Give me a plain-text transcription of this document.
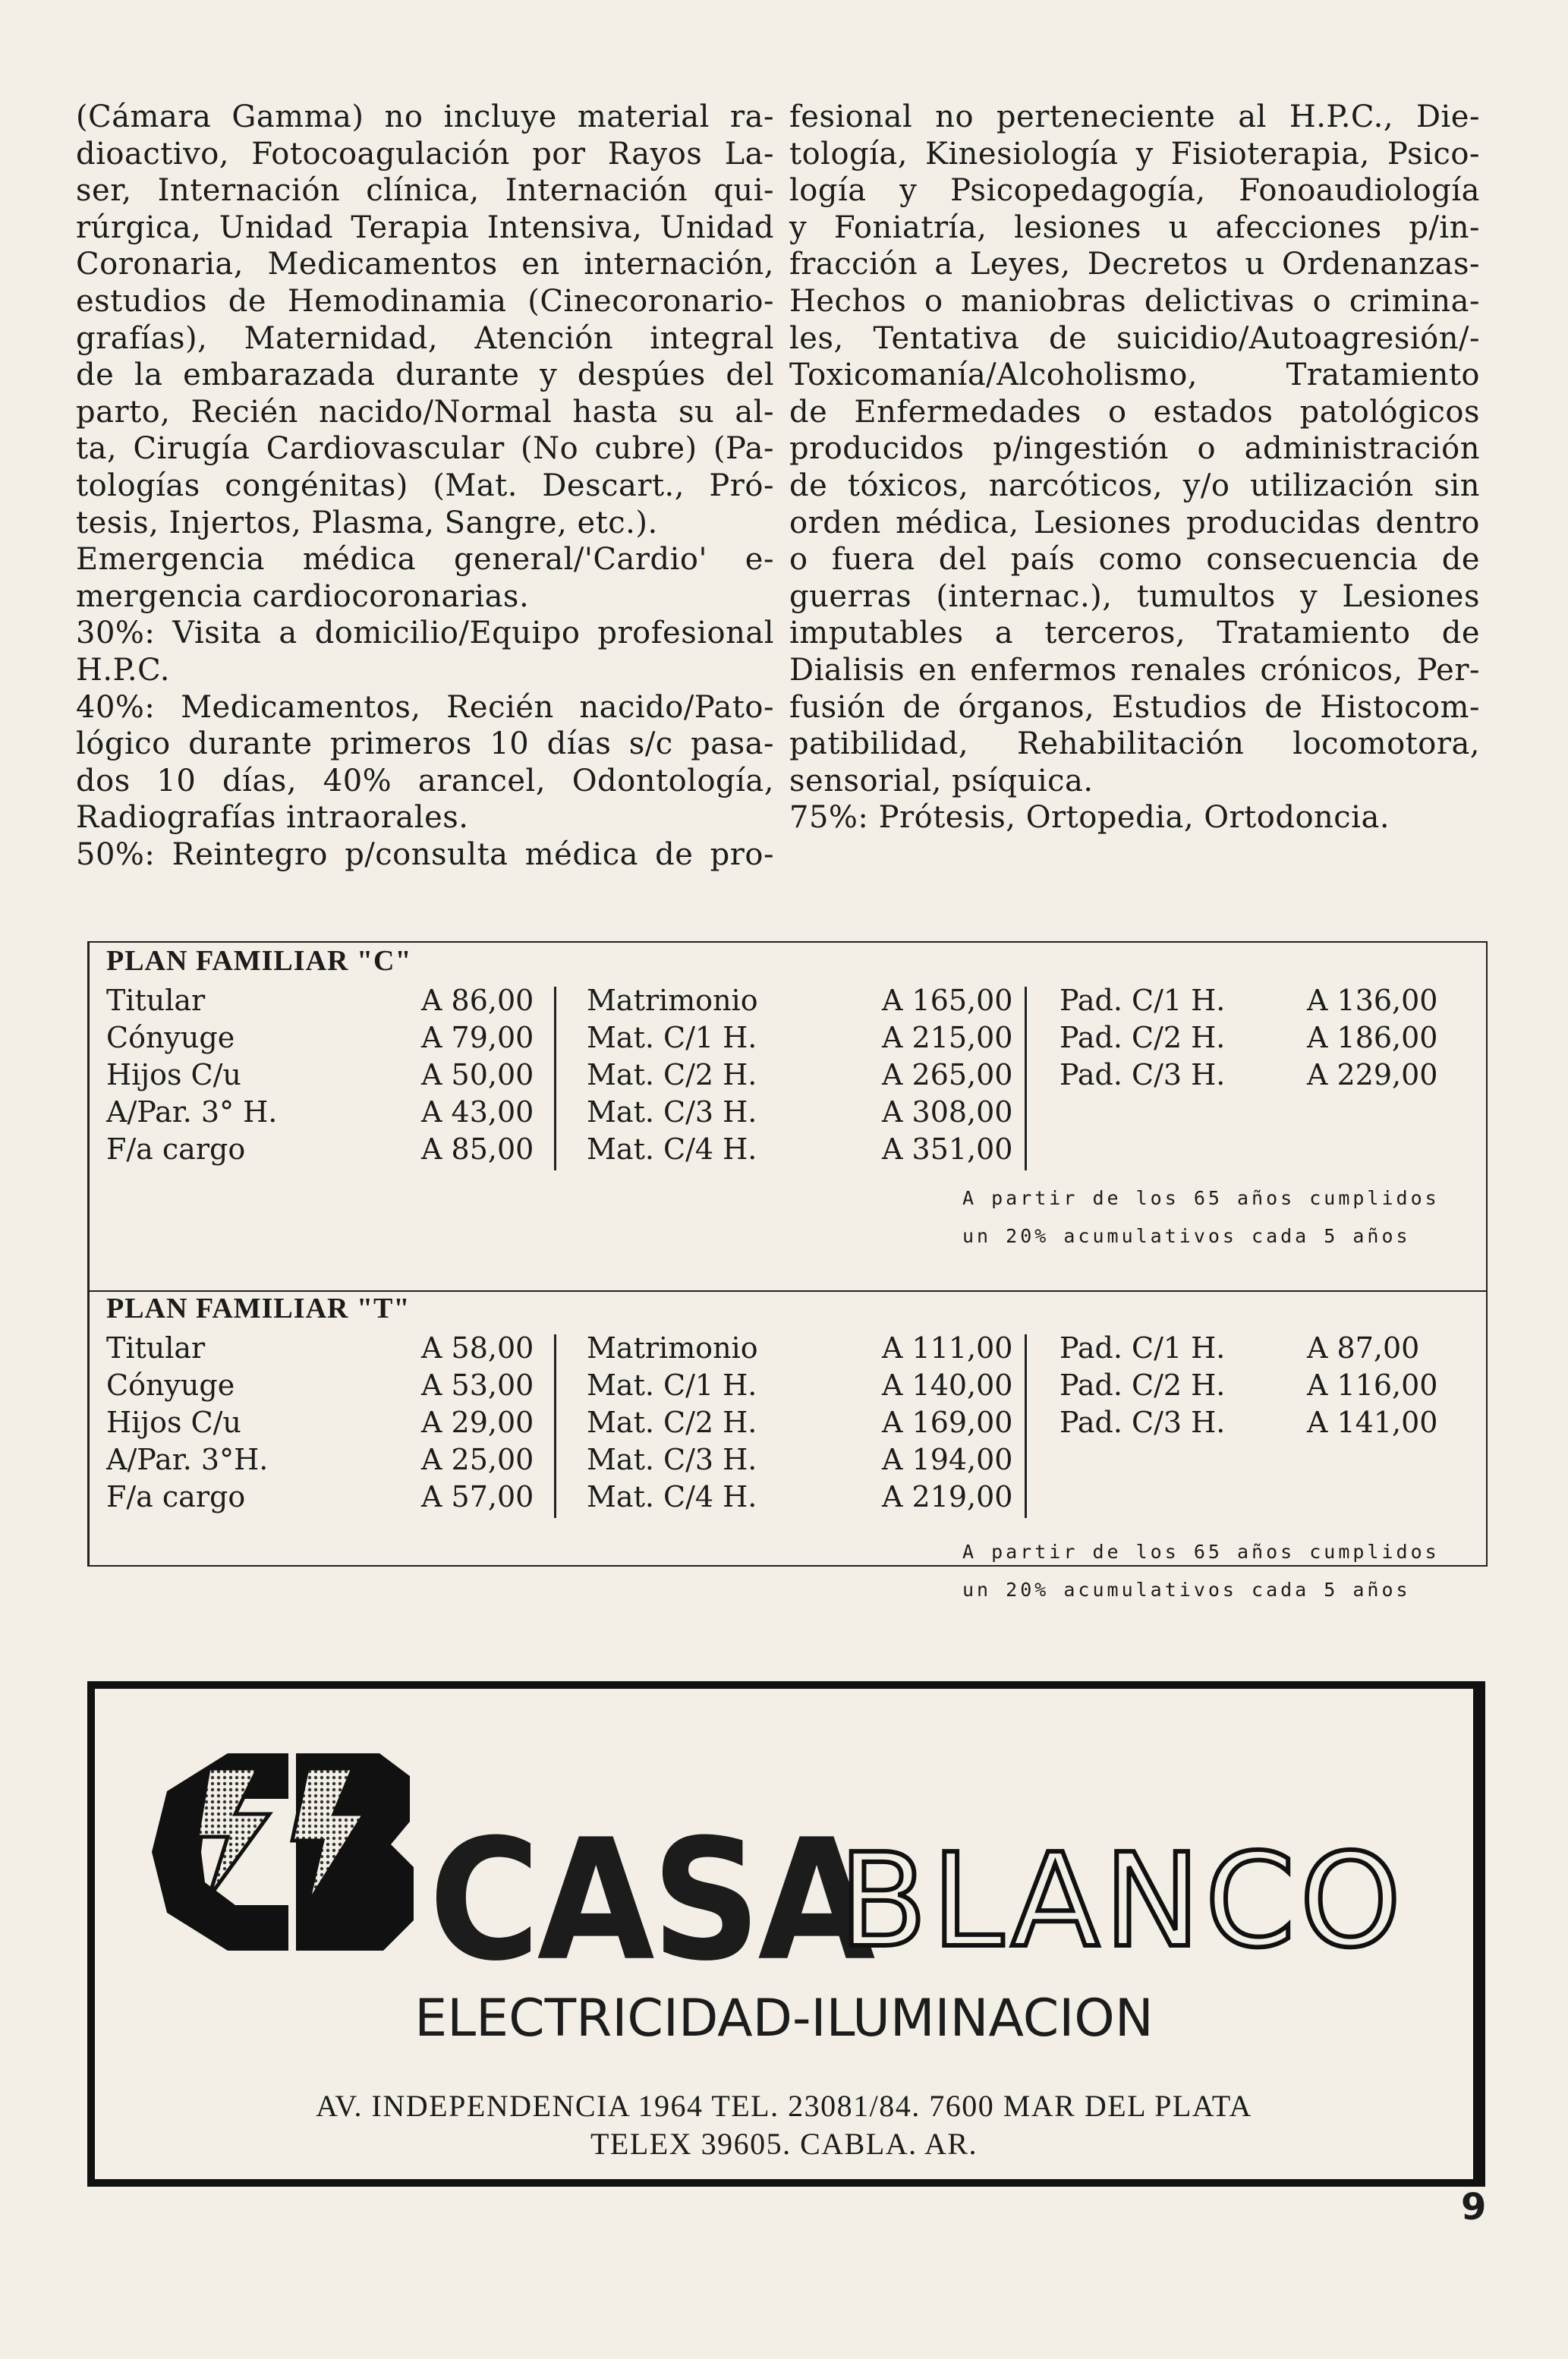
(Cámara Gamma) no incluye material ra-
dioactivo, Fotocoagulación por Rayos La-
ser, Internación clínica, Internación qui-
rúrgica, Unidad Terapia Intensiva, Unidad
Coronaria, Medicamentos en internación,
estudios de Hemodinamia (Cinecoronario-
grafías), Maternidad, Atención integral
de la embarazada durante y despúes del
parto, Recién nacido/Normal hasta su al-
ta, Cirugía Cardiovascular (No cubre) (Pa-
tologías congénitas) (Mat. Descart., Pró-
tesis, Injertos, Plasma, Sangre, etc.).
Emergencia médica general/'Cardio' e-
mergencia cardiocoronarias.
30%: Visita a domicilio/Equipo profesional
H.P.C.
40%: Medicamentos, Recién nacido/Pato-
lógico durante primeros 10 días s/c pasa-
dos 10 días, 40% arancel, Odontología,
Radiografías intraorales.
50%: Reintegro p/consulta médica de pro-
fesional no perteneciente al H.P.C., Die-
tología, Kinesiología y Fisioterapia, Psico-
logía y Psicopedagogía, Fonoaudiología
y Foniatría, lesiones u afecciones p/in-
fracción a Leyes, Decretos u Ordenanzas-
Hechos o maniobras delictivas o crimina-
les, Tentativa de suicidio/Autoagresión/-
Toxicomanía/Alcoholismo, Tratamiento
de Enfermedades o estados patológicos
producidos p/ingestión o administración
de tóxicos, narcóticos, y/o utilización sin
orden médica, Lesiones producidas dentro
o fuera del país como consecuencia de
guerras (internac.), tumultos y Lesiones
imputables a terceros, Tratamiento de
Dialisis en enfermos renales crónicos, Per-
fusión de órganos, Estudios de Histocom-
patibilidad, Rehabilitación locomotora,
sensorial, psíquica.
75%: Prótesis, Ortopedia, Ortodoncia.
PLAN FAMILIAR "C"
Titular	A 86,00 Matrimonio	A 165,00 Pad. C/1 H.	A 136,00
Cónyuge	A 79,00 Mat. C/1 H.	A 215,00 Pad. C/2 H.	A 186,00
Hijos C/u	A 50,00 Mat. C/2 H.	A 265,00 Pad. C/3 H.	A 229,00
A/Par. 3° H.	A 43,00 Mat. C/3 H.	A 308,00
F/a cargo	A 85,00 Mat. C/4 H.	A 351,00
A partir de los 65 años cumplidos
un 20% acumulativos cada 5 años
PLAN FAMILIAR "T"
Titular	A 58,00 Matrimonio	A 111,00 Pad. C/1 H.	A 87,00
Cónyuge	A 53,00 Mat. C/1 H.	A 140,00 Pad. C/2 H.	A 116,00
Hijos C/u	A 29,00 Mat. C/2 H.	A 169,00 Pad. C/3 H.	A 141,00
A/Par. 3°H.	A 25,00 Mat. C/3 H.	A 194,00
F/a cargo	A 57,00 Mat. C/4 H.	A 219,00
A partir de los 65 años cumplidos
un 20% acumulativos cada 5 años
CASA
BLANCO
ELECTRICIDAD-ILUMINACION
AV. INDEPENDENCIA 1964 TEL. 23081/84. 7600 MAR DEL PLATA
TELEX 39605. CABLA. AR.
9
